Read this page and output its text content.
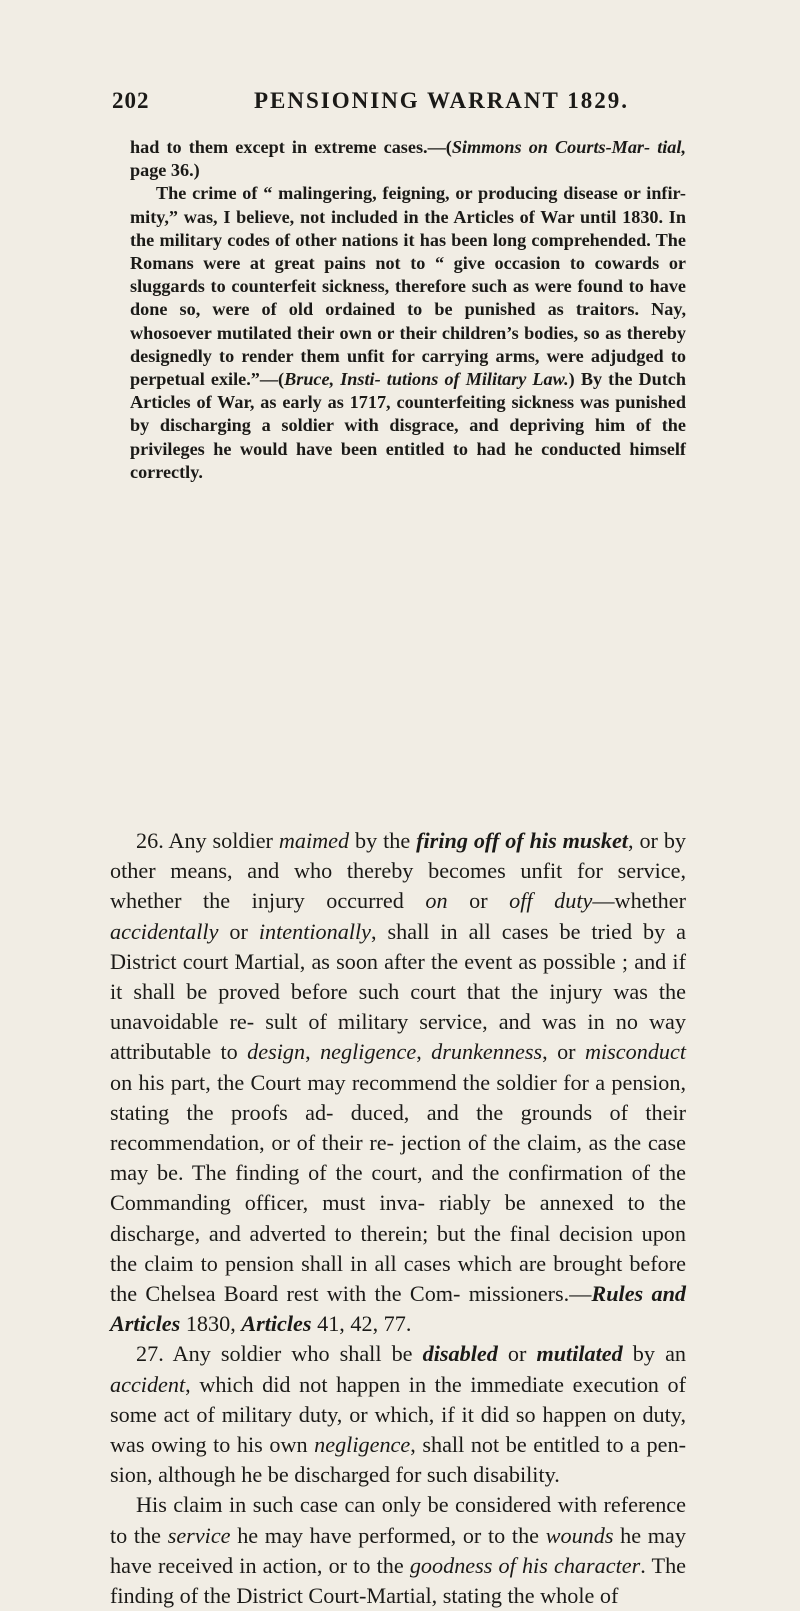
202	PENSIONING WARRANT 1829.

had to them except in extreme cases.—(Simmons on Courts-Mar- tial, page 36.)

The crime of “ malingering, feigning, or producing disease or infir- mity,” was, I believe, not included in the Articles of War until 1830. In the military codes of other nations it has been long comprehended. The Romans were at great pains not to “ give occasion to cowards or sluggards to counterfeit sickness, therefore such as were found to have done so, were of old ordained to be punished as traitors. Nay, whosoever mutilated their own or their children’s bodies, so as thereby designedly to render them unfit for carrying arms, were adjudged to perpetual exile.”—(Bruce, Insti- tutions of Military Law.) By the Dutch Articles of War, as early as 1717, counterfeiting sickness was punished by discharging a soldier with disgrace, and depriving him of the privileges he would have been entitled to had he conducted himself correctly.

26. Any soldier maimed by the firing off of his musket, or by other means, and who thereby becomes unfit for service, whether the injury occurred on or off duty—whether accidentally or intentionally, shall in all cases be tried by a District court Martial, as soon after the event as possible ; and if it shall be proved before such court that the injury was the unavoidable re- sult of military service, and was in no way attributable to design, negligence, drunkenness, or misconduct on his part, the Court may recommend the soldier for a pension, stating the proofs ad- duced, and the grounds of their recommendation, or of their re- jection of the claim, as the case may be. The finding of the court, and the confirmation of the Commanding officer, must inva- riably be annexed to the discharge, and adverted to therein; but the final decision upon the claim to pension shall in all cases which are brought before the Chelsea Board rest with the Com- missioners.—Rules and Articles 1830, Articles 41, 42, 77.

27. Any soldier who shall be disabled or mutilated by an accident, which did not happen in the immediate execution of some act of military duty, or which, if it did so happen on duty, was owing to his own negligence, shall not be entitled to a pen- sion, although he be discharged for such disability.

His claim in such case can only be considered with reference to the service he may have performed, or to the wounds he may have received in action, or to the goodness of his character. The finding of the District Court-Martial, stating the whole of
